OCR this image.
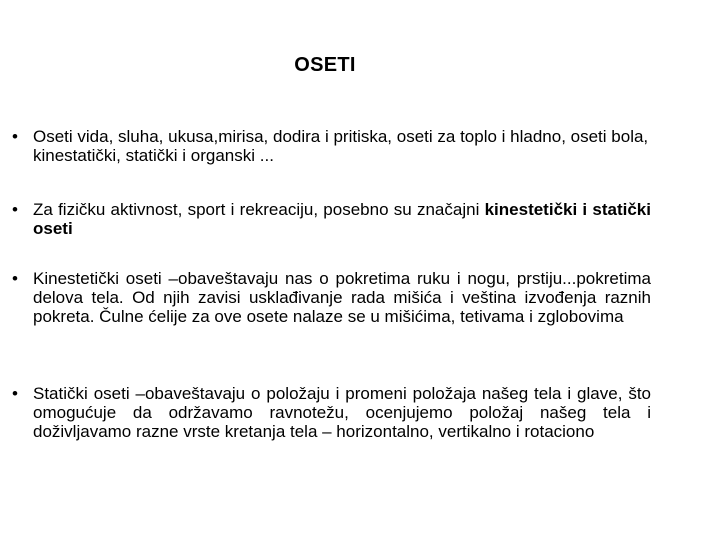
OSETI
• Oseti vida, sluha, ukusa,mirisa, dodira i pritiska, oseti za toplo i hladno, oseti bola, kinestatički, statički i organski ...
• Za fizičku aktivnost, sport i rekreaciju, posebno su značajni kinestetički i statički oseti
• Kinestetički oseti –obaveštavaju nas o pokretima ruku i nogu, prstiju...pokretima delova tela. Od njih zavisi usklađivanje rada mišića i veština izvođenja raznih pokreta. Čulne ćelije za ove osete nalaze se u mišićima, tetivama i zglobovima
• Statički oseti –obaveštavaju o položaju i promeni položaja našeg tela i glave, što omogućuje da održavamo ravnotežu, ocenjujemo položaj našeg tela i doživljavamo razne vrste kretanja tela – horizontalno, vertikalno i rotaciono
